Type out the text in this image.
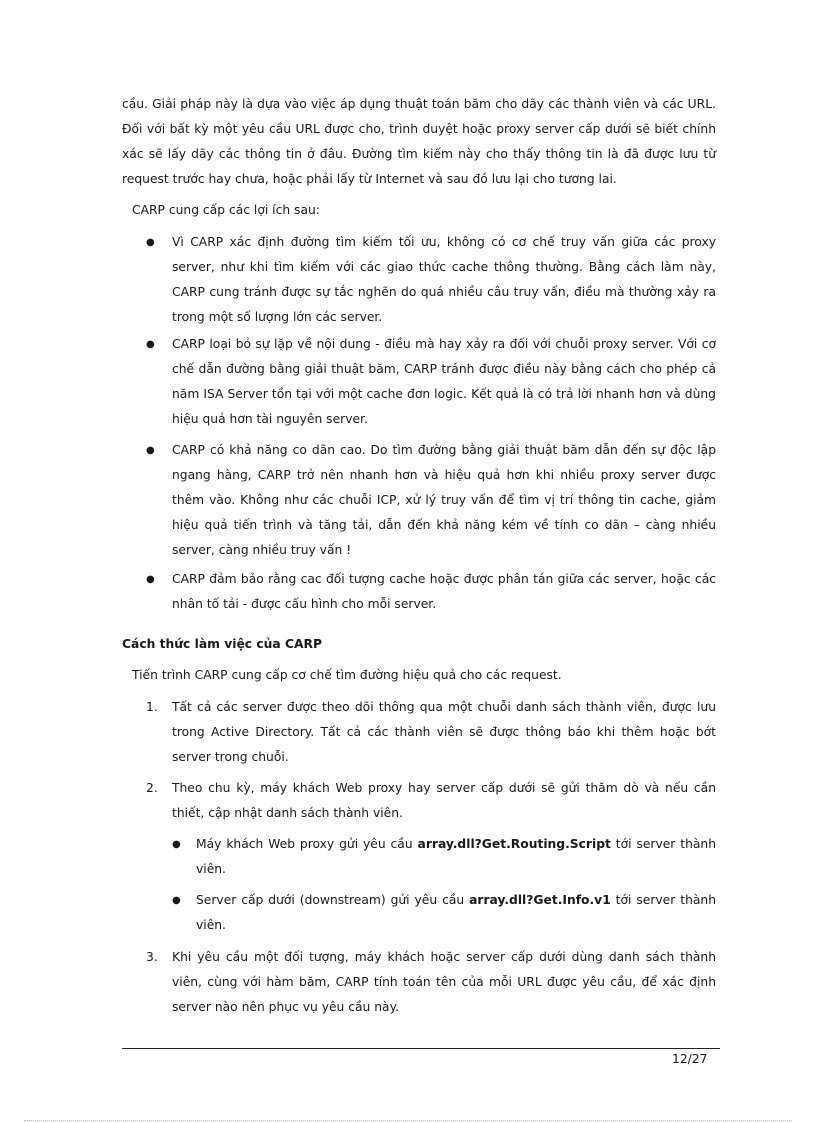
cầu. Giải pháp này là dựa vào việc áp dụng thuật toán băm cho dãy các thành viên và các URL. Đối với bất kỳ một yêu cầu URL được cho, trình duyệt hoặc proxy server cấp dưới sẽ biết chính xác sẽ lấy dãy các thông tin ở đâu. Đường tìm kiếm này cho thấy thông tin là đã được lưu từ request trước hay chưa, hoặc phải lấy từ Internet và sau đó lưu lại cho tương lai.

CARP cung cấp các lợi ích sau:

●	Vì CARP xác định đường tìm kiếm tối ưu, không có cơ chế truy vấn giữa các proxy server, như khi tìm kiếm với các giao thức cache thông thường. Bằng cách làm này, CARP cung tránh được sự tắc nghẽn do quá nhiều câu truy vấn, điều mà thường xảy ra trong một số lượng lớn các server.

●	CARP loại bỏ sự lặp về nội dung - điều mà hay xảy ra đối với chuỗi proxy server. Với cơ chế dẫn đường bằng giải thuật băm, CARP tránh được điều này bằng cách cho phép cả năm ISA Server tồn tại với một cache đơn logic. Kết quả là có trả lời nhanh hơn và dùng hiệu quả hơn tài nguyên server.

●	CARP có khả năng co dãn cao. Do tìm đường bằng giải thuật băm dẫn đến sự độc lập ngang hàng, CARP trở nên nhanh hơn và hiệu quả hơn khi nhiều proxy server được thêm vào. Không như các chuỗi ICP, xử lý truy vấn để tìm vị trí thông tin cache, giảm hiệu quả tiến trình và tăng tải, dẫn đến khả năng kém về tính co dãn – càng nhiều server, càng nhiều truy vấn !

●	CARP đảm bảo rằng cac đối tượng cache hoặc được phân tán giữa các server, hoặc các nhân tố tải - được cấu hình cho mỗi server.

Cách thức làm việc của CARP

Tiến trình CARP cung cấp cơ chế tìm đường hiệu quả cho các request.

1. Tất cả các server được theo dõi thông qua một chuỗi danh sách thành viên, được lưu trong Active Directory. Tất cả các thành viên sẽ được thông báo khi thêm hoặc bớt server trong chuỗi.

2. Theo chu kỳ, máy khách Web proxy hay server cấp dưới sẽ gửi thăm dò và nếu cần thiết, cập nhật danh sách thành viên.

● Máy khách Web proxy gửi yêu cầu array.dll?Get.Routing.Script tới server thành viên.

● Server cấp dưới (downstream) gửi yêu cầu array.dll?Get.Info.v1 tới server thành viên.

3. Khi yêu cầu một đối tượng, máy khách hoặc server cấp dưới dùng danh sách thành viên, cùng với hàm băm, CARP tính toán tên của mỗi URL được yêu cầu, để xác định server nào nên phục vụ yêu cầu này.

12/27
